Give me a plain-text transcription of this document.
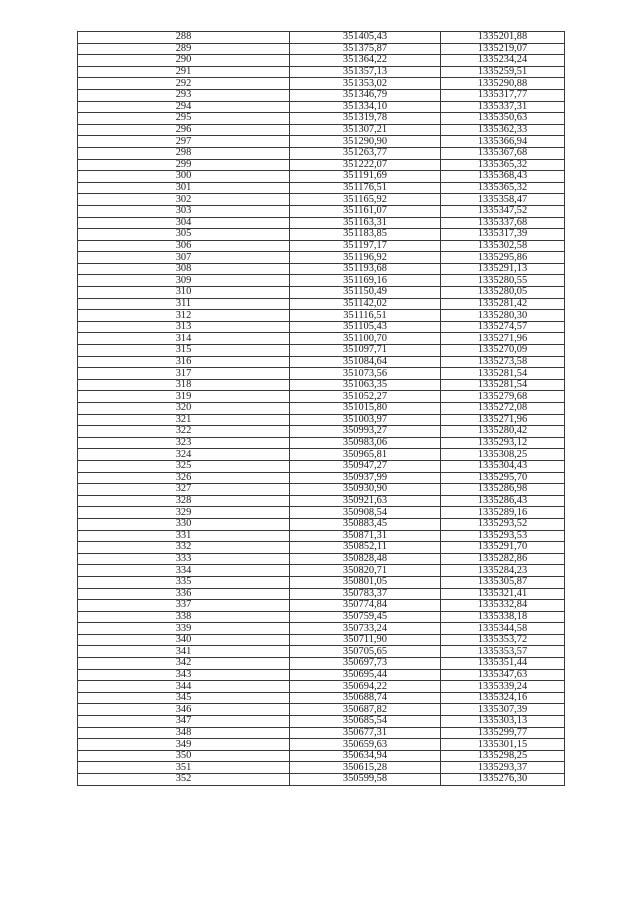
288	351405,43	1335201,88
289	351375,87	1335219,07
290	351364,22	1335234,24
291	351357,13	1335259,51
292	351353,02	1335290,88
293	351346,79	1335317,77
294	351334,10	1335337,31
295	351319,78	1335350,63
296	351307,21	1335362,33
297	351290,90	1335366,94
298	351263,77	1335367,68
299	351222,07	1335365,32
300	351191,69	1335368,43
301	351176,51	1335365,32
302	351165,92	1335358,47
303	351161,07	1335347,52
304	351163,31	1335337,68
305	351183,85	1335317,39
306	351197,17	1335302,58
307	351196,92	1335295,86
308	351193,68	1335291,13
309	351169,16	1335280,55
310	351150,49	1335280,05
311	351142,02	1335281,42
312	351116,51	1335280,30
313	351105,43	1335274,57
314	351100,70	1335271,96
315	351097,71	1335270,09
316	351084,64	1335273,58
317	351073,56	1335281,54
318	351063,35	1335281,54
319	351052,27	1335279,68
320	351015,80	1335272,08
321	351003,97	1335271,96
322	350993,27	1335280,42
323	350983,06	1335293,12
324	350965,81	1335308,25
325	350947,27	1335304,43
326	350937,99	1335295,70
327	350930,90	1335286,98
328	350921,63	1335286,43
329	350908,54	1335289,16
330	350883,45	1335293,52
331	350871,31	1335293,53
332	350852,11	1335291,70
333	350828,48	1335282,86
334	350820,71	1335284,23
335	350801,05	1335305,87
336	350783,37	1335321,41
337	350774,84	1335332,84
338	350759,45	1335338,18
339	350733,24	1335344,58
340	350711,90	1335353,72
341	350705,65	1335353,57
342	350697,73	1335351,44
343	350695,44	1335347,63
344	350694,22	1335339,24
345	350688,74	1335324,16
346	350687,82	1335307,39
347	350685,54	1335303,13
348	350677,31	1335299,77
349	350659,63	1335301,15
350	350634,94	1335298,25
351	350615,28	1335293,37
352	350599,58	1335276,30
